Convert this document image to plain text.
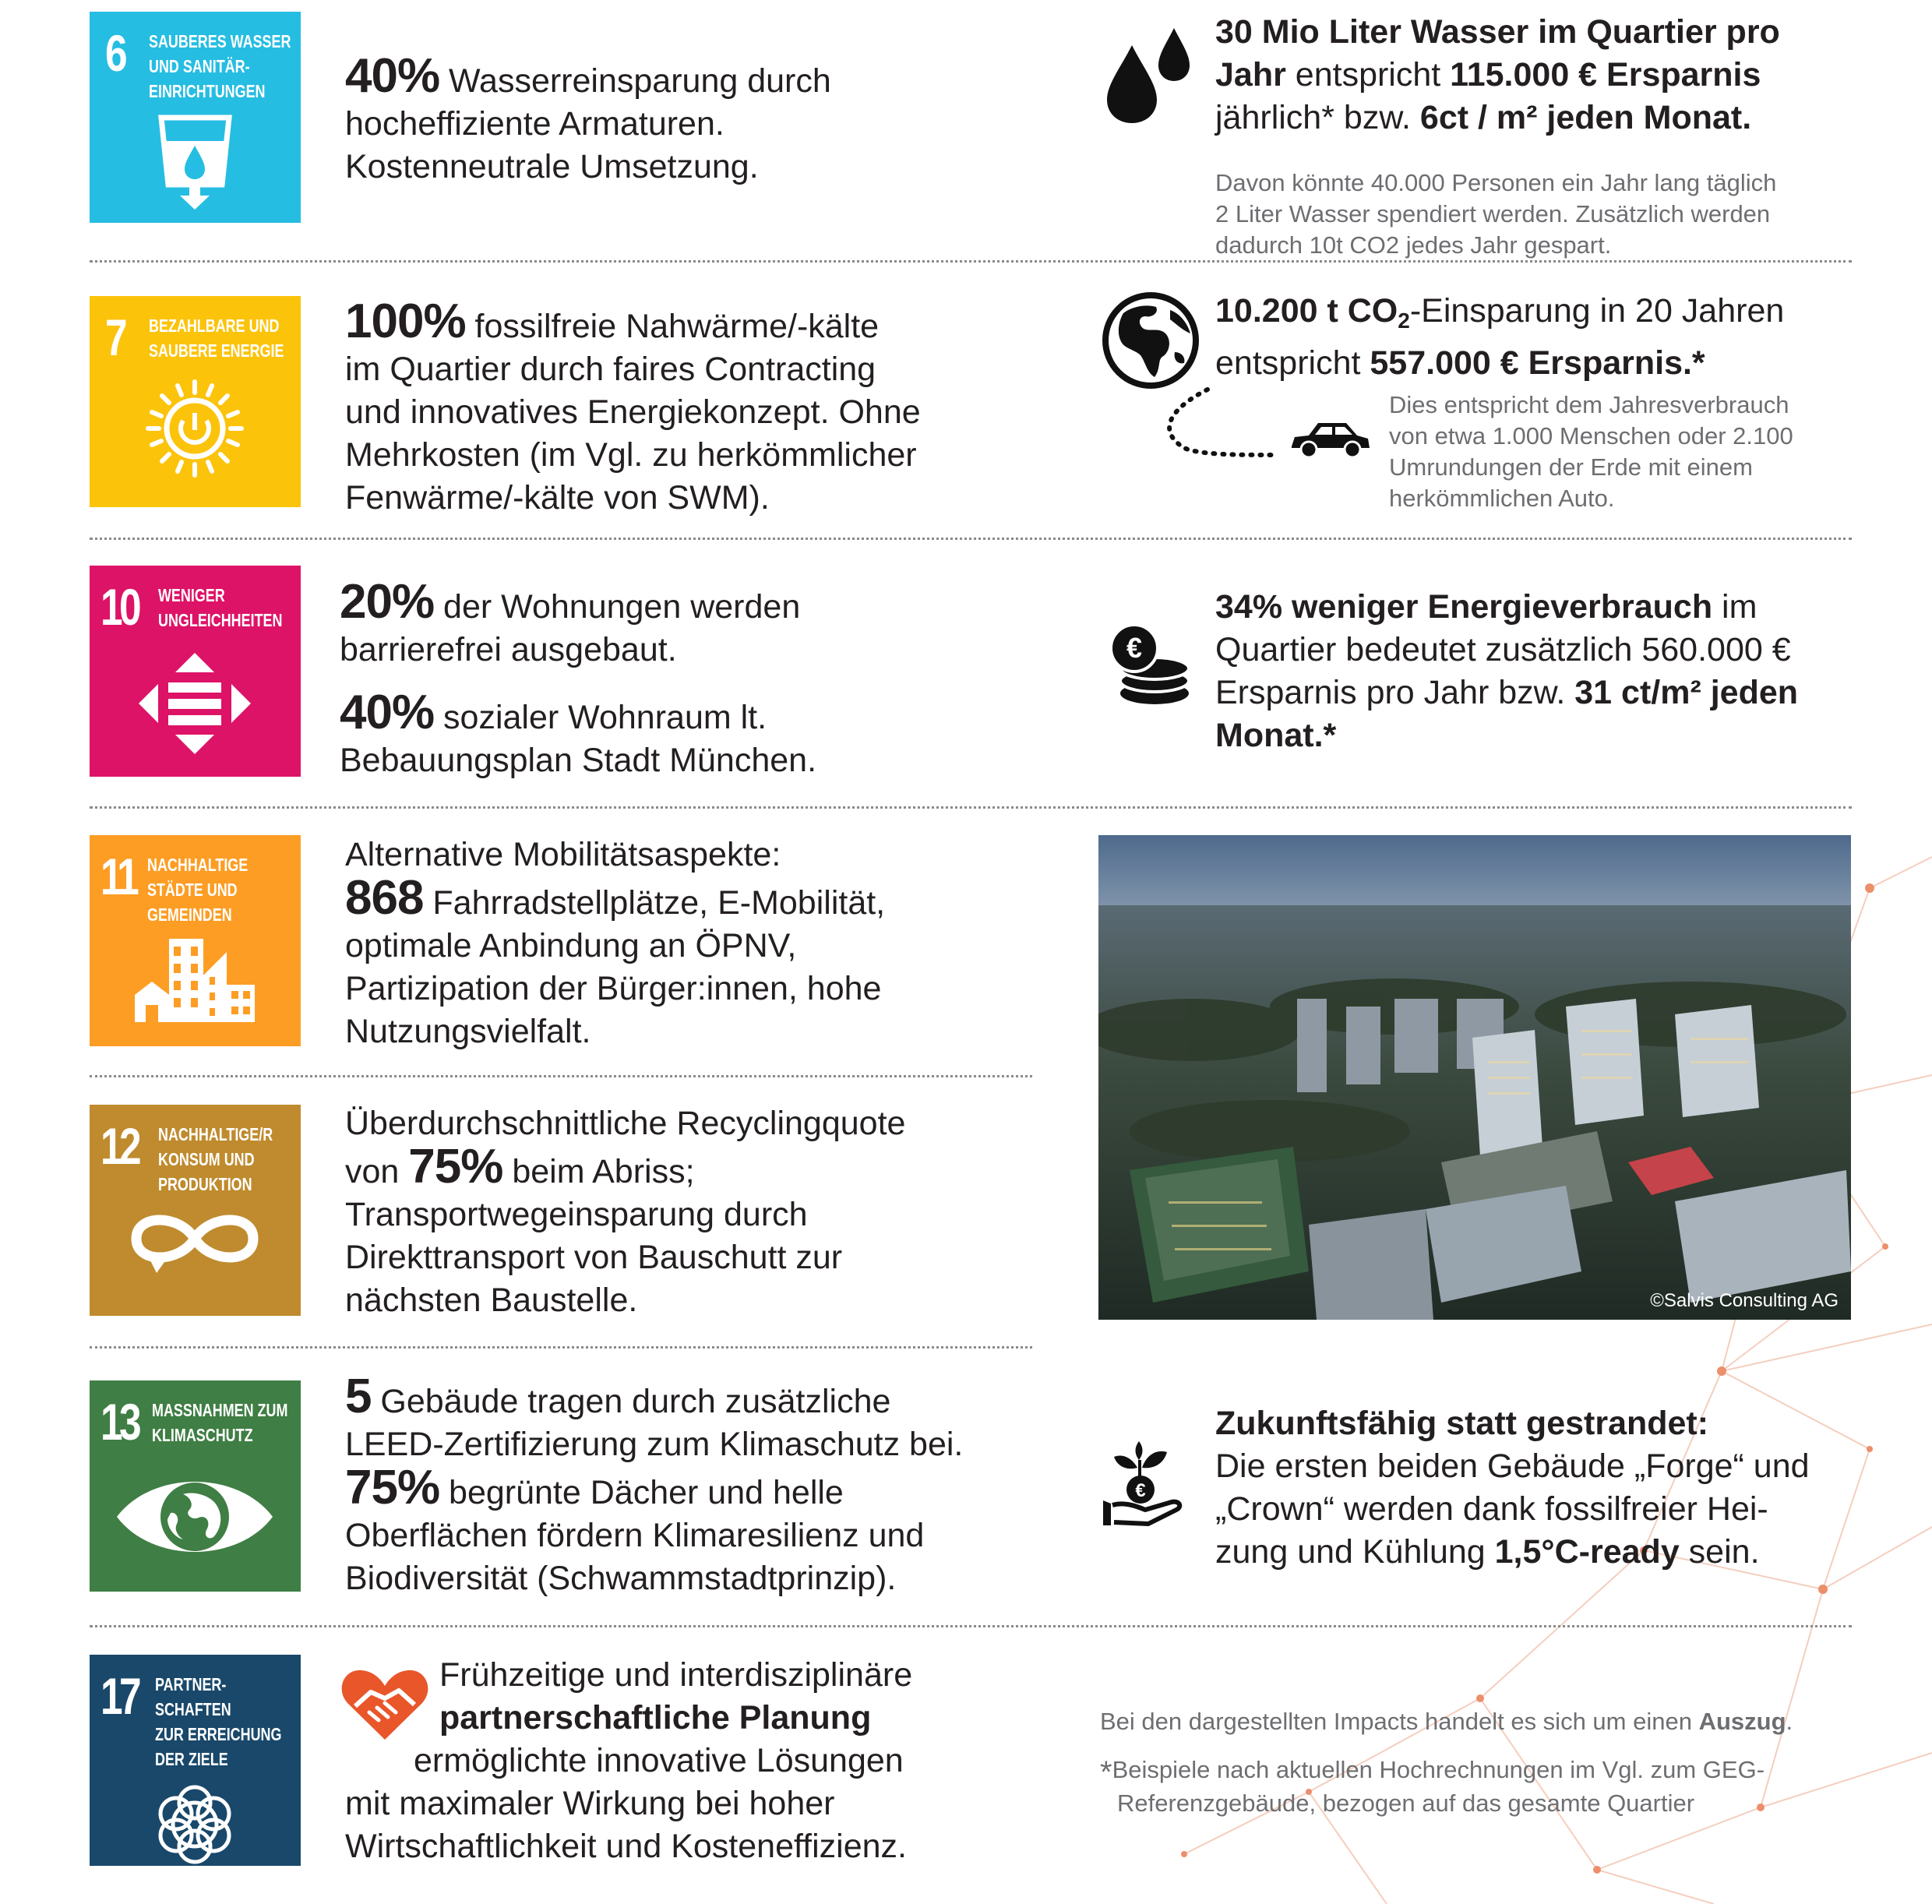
6 SAUBERES WASSER
UND SANITÄR-
EINRICHTUNGEN
7 BEZAHLBARE UND
SAUBERE ENERGIE
10 WENIGER
UNGLEICHHEITEN
11 NACHHALTIGE
STÄDTE UND
GEMEINDEN
12 NACHHALTIGE/R
KONSUM UND
PRODUKTION
13 MASSNAHMEN ZUM
KLIMASCHUTZ
17 PARTNER-
SCHAFTEN
ZUR ERREICHUNG
DER ZIELE
40% Wasserreinsparung durch
hocheffiziente Armaturen.
Kostenneutrale Umsetzung.
100% fossilfreie Nahwärme/-kälte
im Quartier durch faires Contracting
und innovatives Energiekonzept. Ohne
Mehrkosten (im Vgl. zu herkömmlicher
Fenwärme/-kälte von SWM).
20% der Wohnungen werden
barrierefrei ausgebaut.
40% sozialer Wohnraum lt.
Bebauungsplan Stadt München.
Alternative Mobilitätsaspekte:
868 Fahrradstellplätze, E-Mobilität,
optimale Anbindung an ÖPNV,
Partizipation der Bürger:innen, hohe
Nutzungsvielfalt.
Überdurchschnittliche Recyclingquote
von 75% beim Abriss;
Transportwegeinsparung durch
Direkttransport von Bauschutt zur
nächsten Baustelle.
5 Gebäude tragen durch zusätzliche
LEED-Zertifizierung zum Klimaschutz bei.
75% begrünte Dächer und helle
Oberflächen fördern Klimaresilienz und
Biodiversität (Schwammstadtprinzip).
Frühzeitige und interdisziplinäre
partnerschaftliche Planung
ermöglichte innovative Lösungen
mit maximaler Wirkung bei hoher
Wirtschaftlichkeit und Kosteneffizienz.
30 Mio Liter Wasser im Quartier pro
Jahr entspricht 115.000 € Ersparnis
jährlich* bzw. 6ct / m² jeden Monat.
Davon könnte 40.000 Personen ein Jahr lang täglich
2 Liter Wasser spendiert werden. Zusätzlich werden
dadurch 10t CO2 jedes Jahr gespart.
10.200 t CO2-Einsparung in 20 Jahren
entspricht 557.000 € Ersparnis.*
Dies entspricht dem Jahresverbrauch
von etwa 1.000 Menschen oder 2.100
Umrundungen der Erde mit einem
herkömmlichen Auto.
€
34% weniger Energieverbrauch im
Quartier bedeutet zusätzlich 560.000 €
Ersparnis pro Jahr bzw. 31 ct/m² jeden
Monat.*
©Salvis Consulting AG
€
Zukunftsfähig statt gestrandet:
Die ersten beiden Gebäude „Forge“ und
„Crown“ werden dank fossilfreier Hei-
zung und Kühlung 1,5°C-ready sein.
Bei den dargestellten Impacts handelt es sich um einen Auszug.
*Beispiele nach aktuellen Hochrechnungen im Vgl. zum GEG-
Referenzgebäude, bezogen auf das gesamte Quartier
